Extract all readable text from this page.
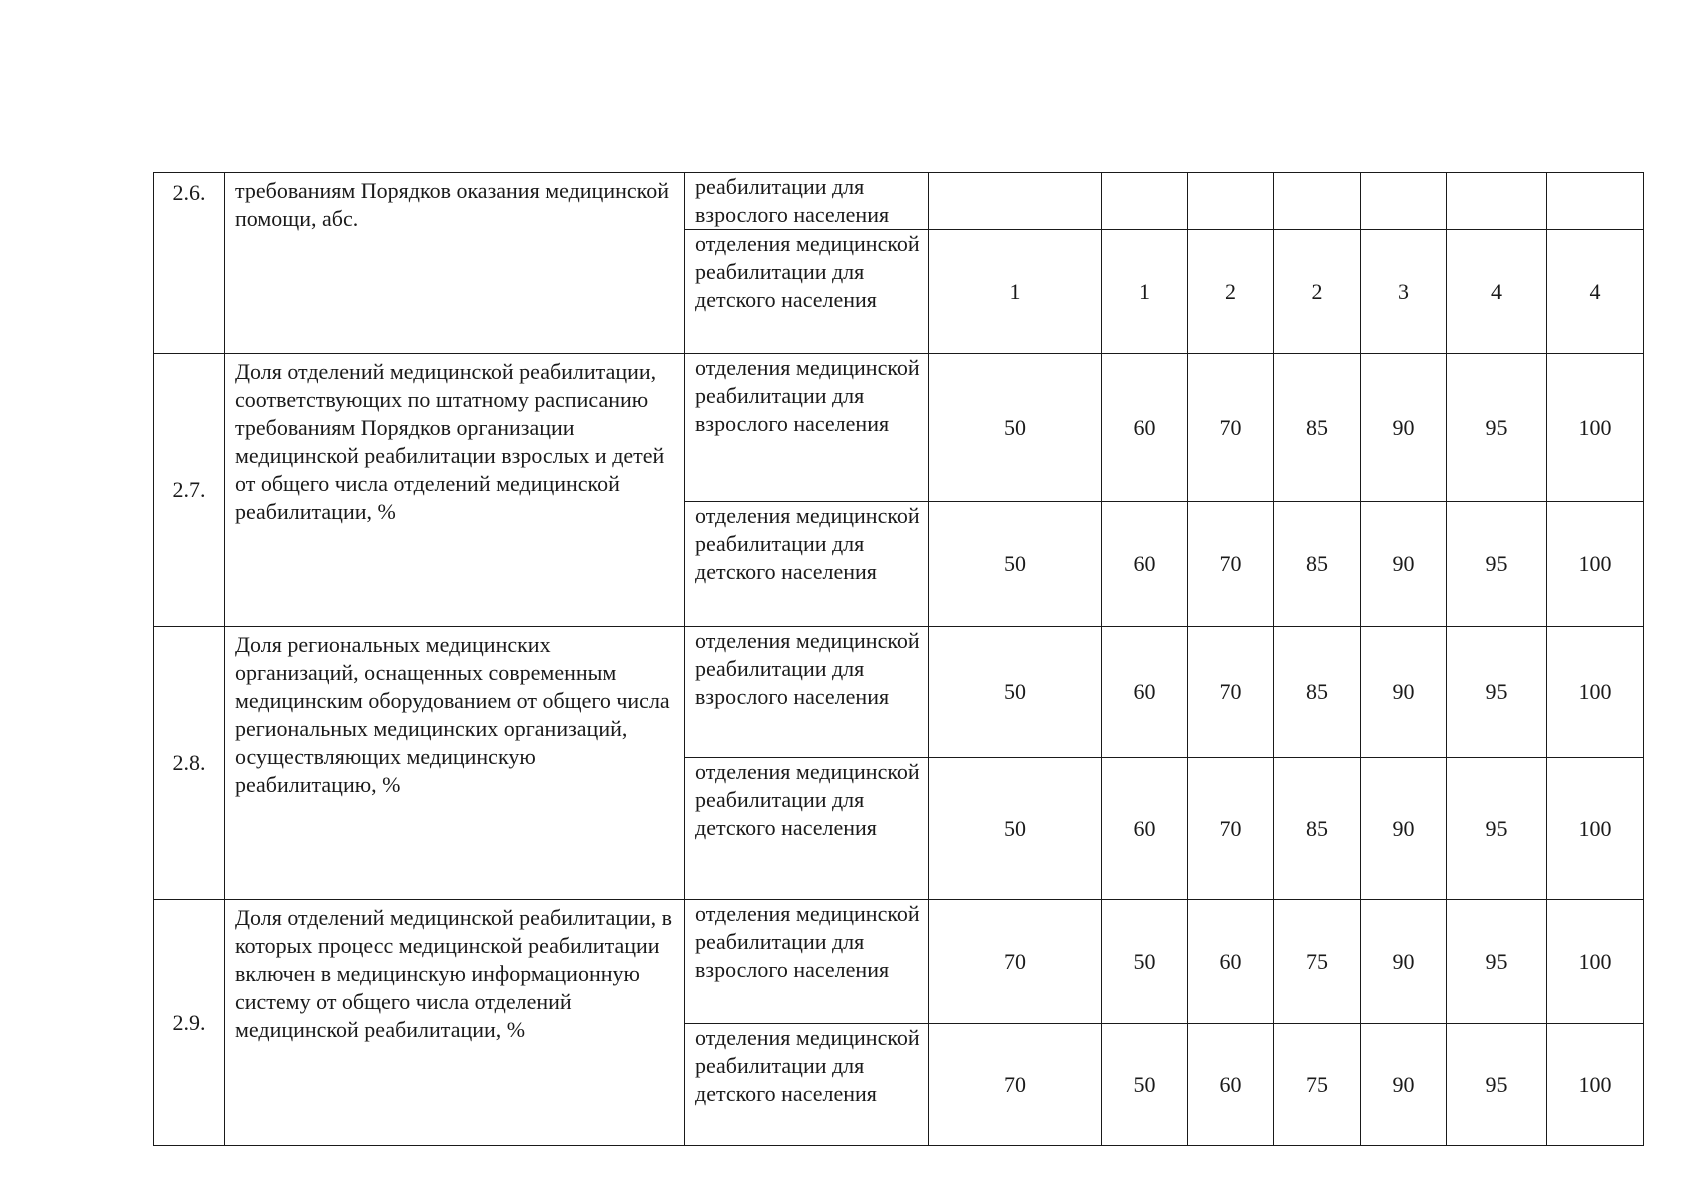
2.6.	требованиям Порядков оказания медицинской помощи, абс.	реабилитации для взрослого населения							
		отделения медицинской реабилитации для детского населения	1	1	2	2	3	4	4
2.7.	Доля отделений медицинской реабилитации, соответствующих по штатному расписанию требованиям Порядков организации медицинской реабилитации взрослых и детей от общего числа отделений медицинской реабилитации, %	отделения медицинской реабилитации для взрослого населения	50	60	70	85	90	95	100
		отделения медицинской реабилитации для детского населения	50	60	70	85	90	95	100
2.8.	Доля региональных медицинских организаций, оснащенных современным медицинским оборудованием от общего числа региональных медицинских организаций, осуществляющих медицинскую реабилитацию, %	отделения медицинской реабилитации для взрослого населения	50	60	70	85	90	95	100
		отделения медицинской реабилитации для детского населения	50	60	70	85	90	95	100
2.9.	Доля отделений медицинской реабилитации, в которых процесс медицинской реабилитации включен в медицинскую информационную систему от общего числа отделений медицинской реабилитации, %	отделения медицинской реабилитации для взрослого населения	70	50	60	75	90	95	100
		отделения медицинской реабилитации для детского населения	70	50	60	75	90	95	100
